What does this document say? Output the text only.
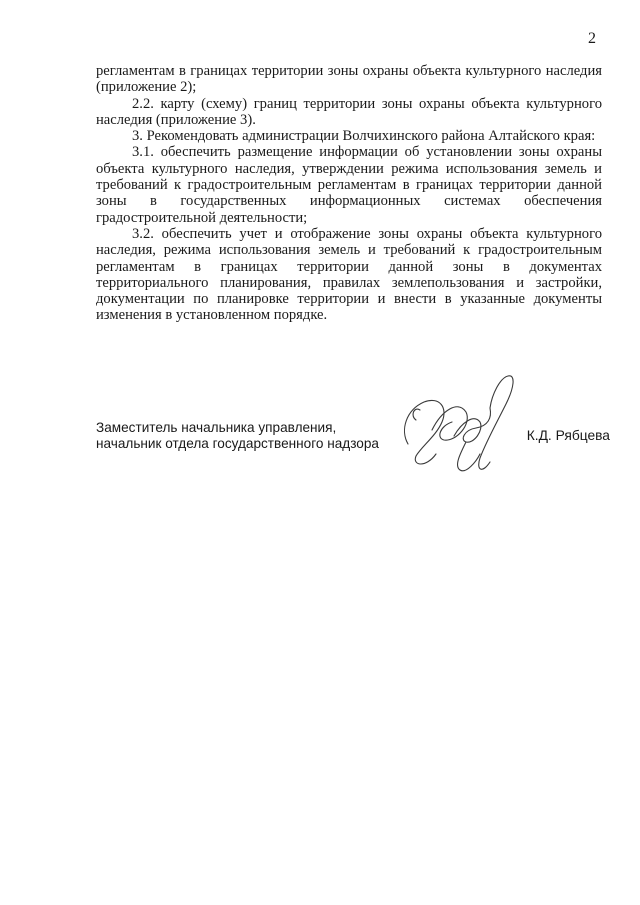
2

регламентам в границах территории зоны охраны объекта культурного наследия (приложение 2);

2.2. карту (схему) границ территории зоны охраны объекта культурного наследия (приложение 3).

3. Рекомендовать администрации Волчихинского района Алтайского края:

3.1. обеспечить размещение информации об установлении зоны охраны объекта культурного наследия, утверждении режима использования земель и требований к градостроительным регламентам в границах территории данной зоны в государственных информационных системах обеспечения градостроительной деятельности;

3.2. обеспечить учет и отображение зоны охраны объекта культурного наследия, режима использования земель и требований к градостроительным регламентам в границах территории данной зоны в документах территориального планирования, правилах землепользования и застройки, документации по планировке территории и внести в указанные документы изменения в установленном порядке.

Заместитель начальника управления,
начальник отдела государственного надзора	К.Д. Рябцева
